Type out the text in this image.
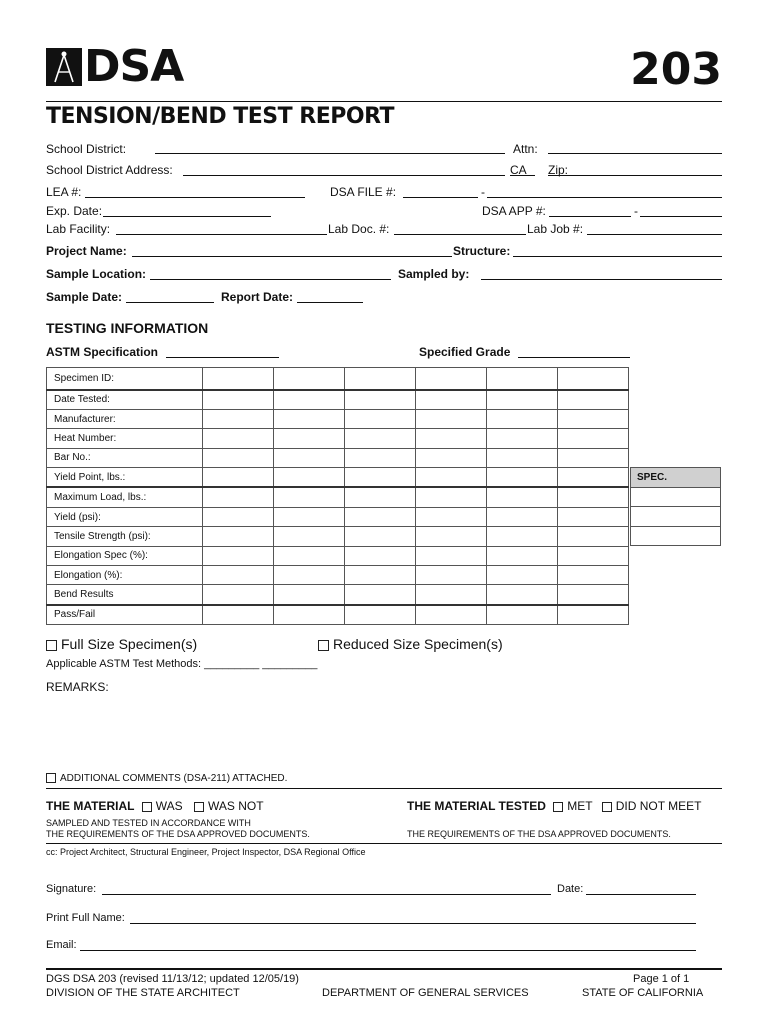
DSA	203
TENSION/BEND TEST REPORT
School District:	Attn:
School District Address:	CA Zip:
LEA #:	DSA FILE #:	-
Exp. Date:	DSA APP #:	-
Lab Facility:	Lab Doc. #:	Lab Job #:
Project Name:	Structure:
Sample Location:	Sampled by:
Sample Date:	Report Date:
TESTING INFORMATION
ASTM Specification	Specified Grade
Specimen ID:						
Date Tested:						
Manufacturer:						
Heat Number:						
Bar No.:						
Yield Point, lbs.:						
Maximum Load, lbs.:						
Yield (psi):						
Tensile Strength (psi):						
Elongation Spec (%):						
Elongation (%):						
Bend Results						
Pass/Fail						
SPEC.

Full Size Specimen(s)	Reduced Size Specimen(s)
Applicable ASTM Test Methods: _________ _________
REMARKS:
ADDITIONAL COMMENTS (DSA-211) ATTACHED.
THE MATERIAL WAS WAS NOT	THE MATERIAL TESTED MET DID NOT MEET
SAMPLED AND TESTED IN ACCORDANCE WITH
THE REQUIREMENTS OF THE DSA APPROVED DOCUMENTS.	THE REQUIREMENTS OF THE DSA APPROVED DOCUMENTS.
cc: Project Architect, Structural Engineer, Project Inspector, DSA Regional Office
Signature:	Date:
Print Full Name:
Email:
DGS DSA 203 (revised 11/13/12; updated 12/05/19)
DIVISION OF THE STATE ARCHITECT	DEPARTMENT OF GENERAL SERVICES
Page 1 of 1
STATE OF CALIFORNIA
